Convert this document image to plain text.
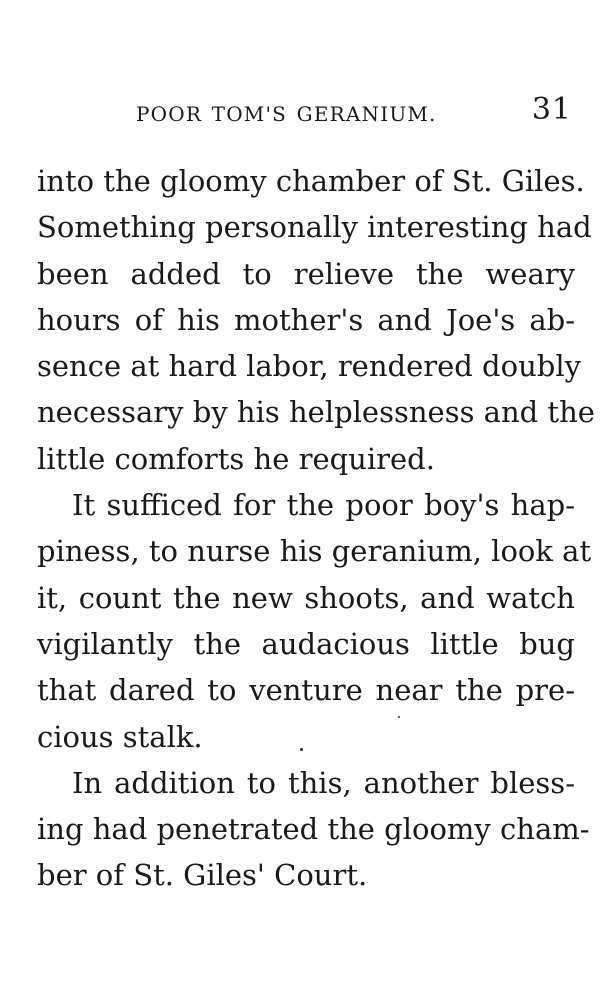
POOR TOM'S GERANIUM.	31
into the gloomy chamber of St. Giles.
Something personally interesting had
been added to relieve the weary
hours of his mother's and Joe's ab-
sence at hard labor, rendered doubly
necessary by his helplessness and the
little comforts he required.
It sufficed for the poor boy's hap-
piness, to nurse his geranium, look at
it, count the new shoots, and watch
vigilantly the audacious little bug
that dared to venture near the pre-
cious stalk.
In addition to this, another bless-
ing had penetrated the gloomy cham-
ber of St. Giles' Court.
